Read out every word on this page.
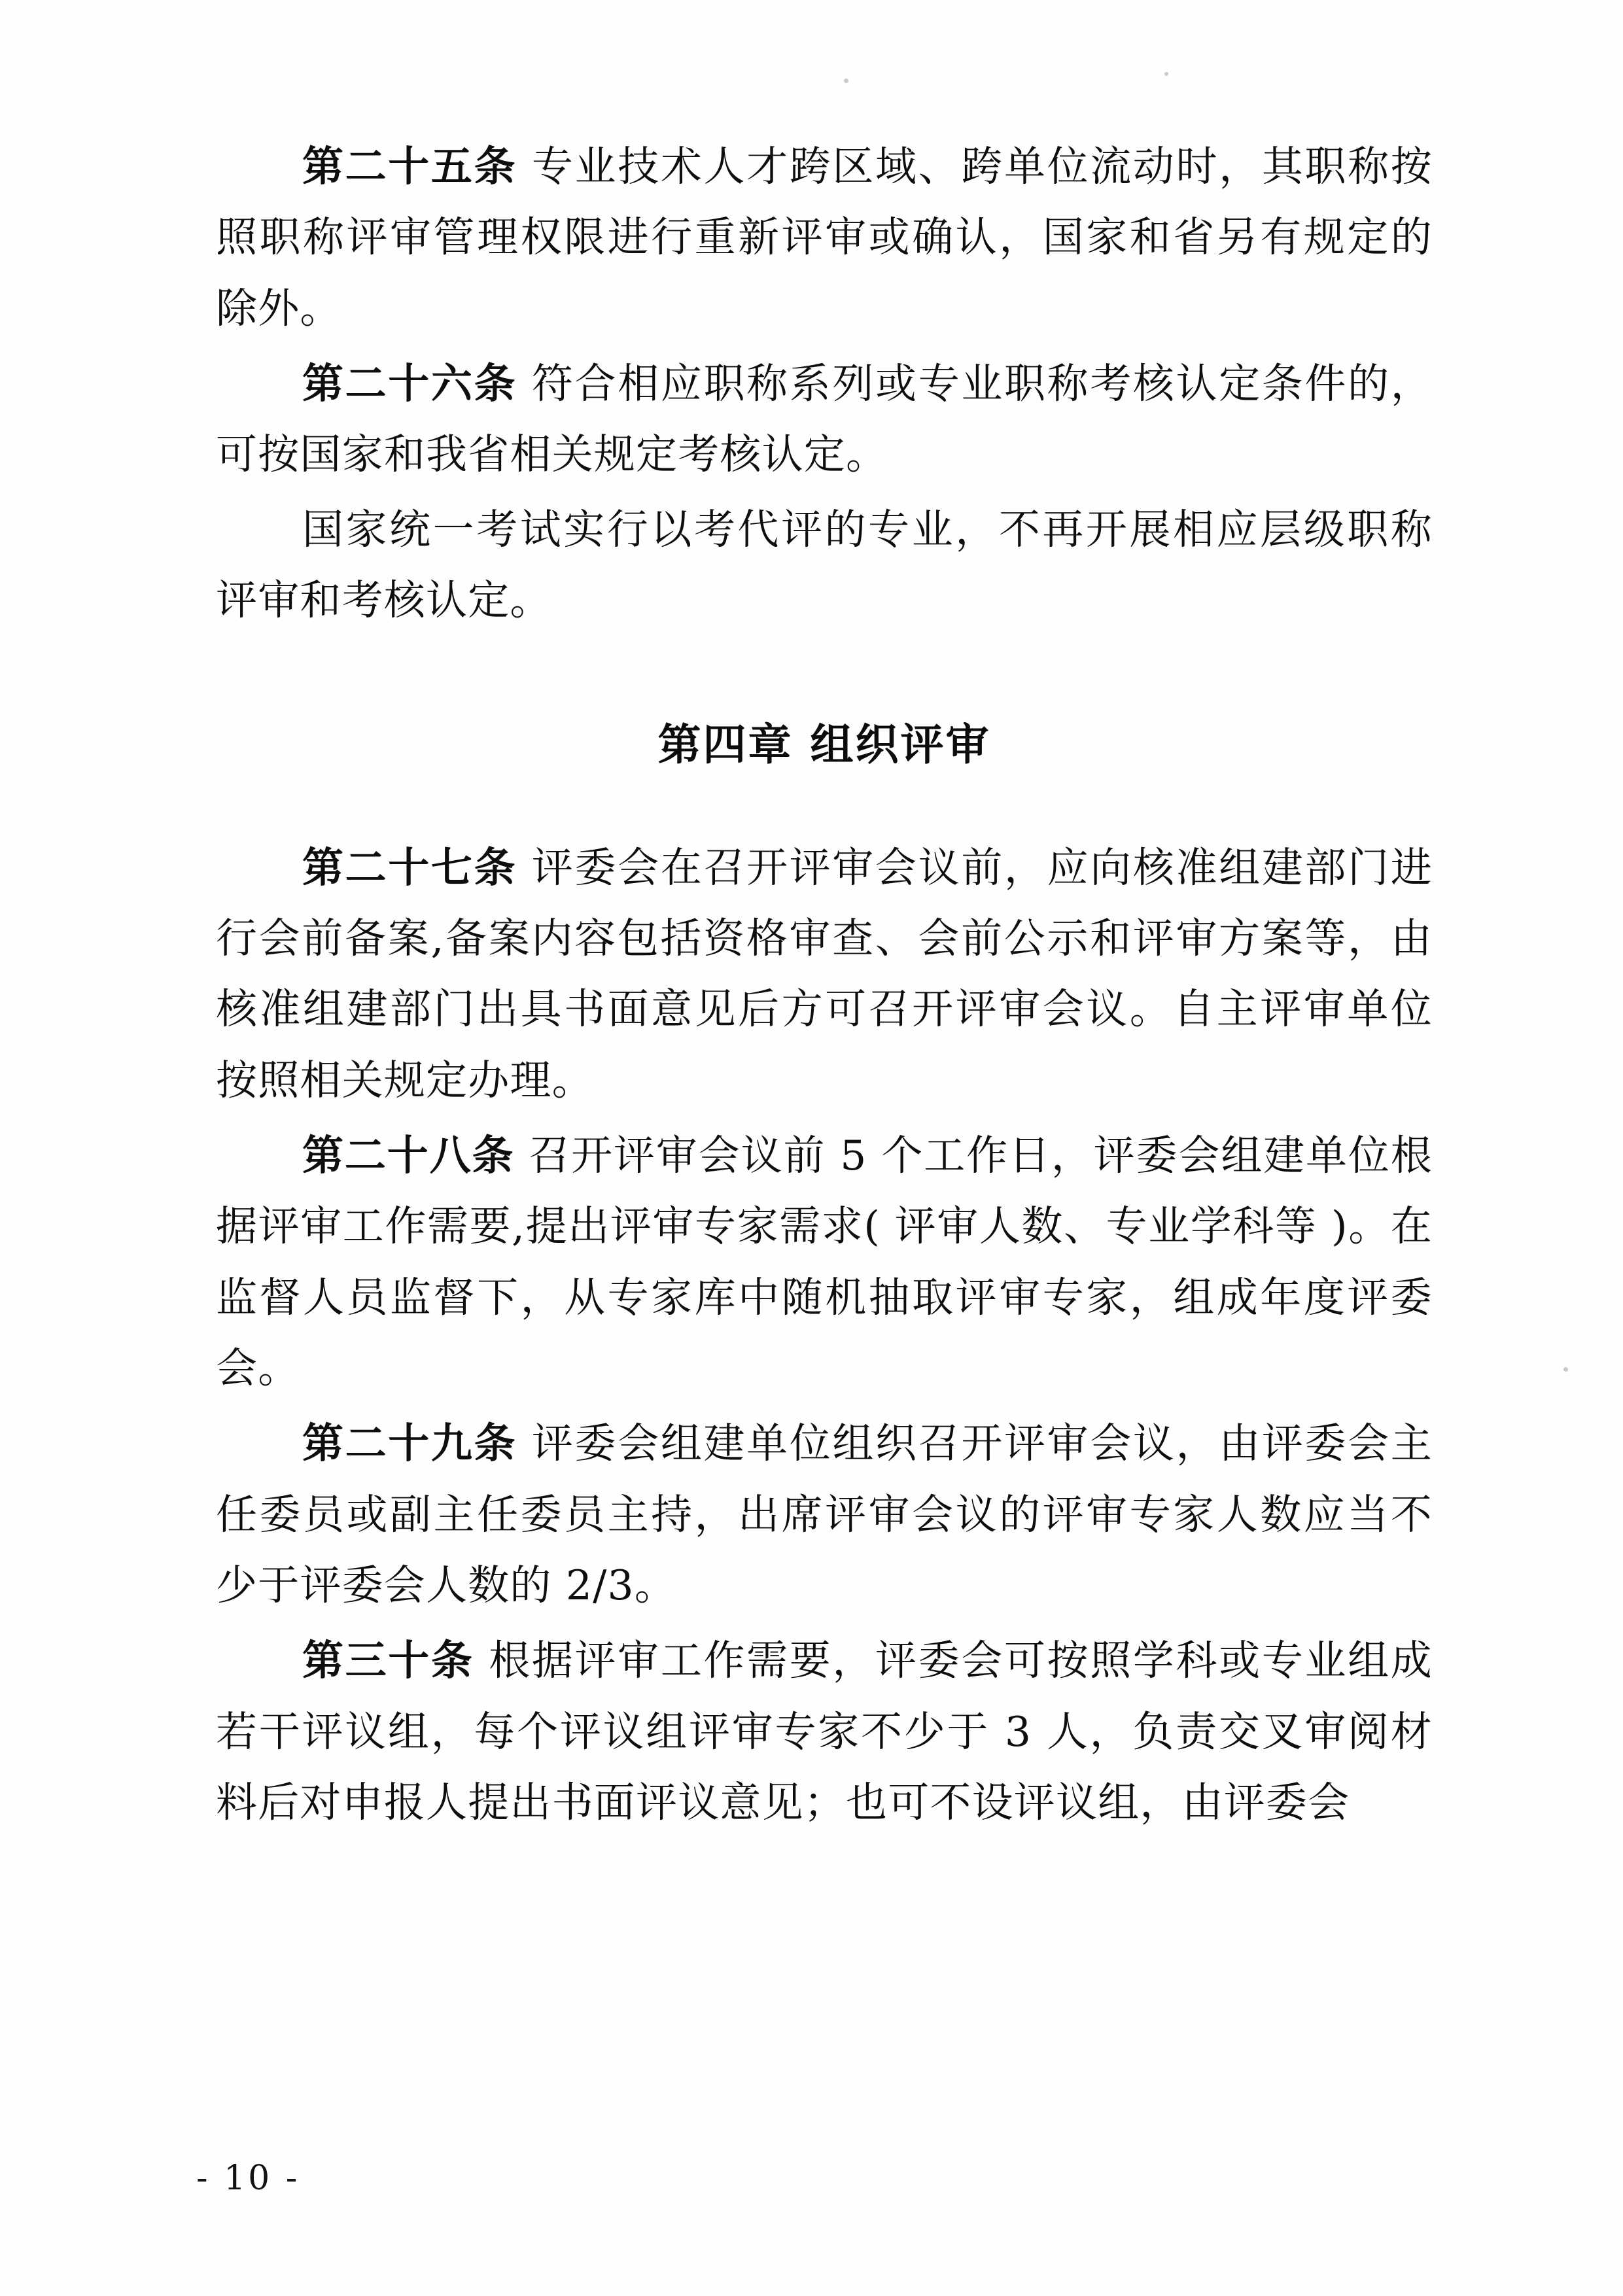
第二十五条 专业技术人才跨区域、跨单位流动时，其职称按照职称评审管理权限进行重新评审或确认，国家和省另有规定的除外。

第二十六条 符合相应职称系列或专业职称考核认定条件的，可按国家和我省相关规定考核认定。

国家统一考试实行以考代评的专业，不再开展相应层级职称评审和考核认定。

第四章 组织评审

第二十七条 评委会在召开评审会议前，应向核准组建部门进行会前备案,备案内容包括资格审查、会前公示和评审方案等，由核准组建部门出具书面意见后方可召开评审会议。自主评审单位按照相关规定办理。

第二十八条 召开评审会议前 5 个工作日，评委会组建单位根据评审工作需要,提出评审专家需求( 评审人数、专业学科等 )。在监督人员监督下，从专家库中随机抽取评审专家，组成年度评委会。

第二十九条 评委会组建单位组织召开评审会议，由评委会主任委员或副主任委员主持，出席评审会议的评审专家人数应当不少于评委会人数的 2/3。

第三十条 根据评审工作需要，评委会可按照学科或专业组成若干评议组，每个评议组评审专家不少于 3 人，负责交叉审阅材料后对申报人提出书面评议意见；也可不设评议组，由评委会

- 10 -
